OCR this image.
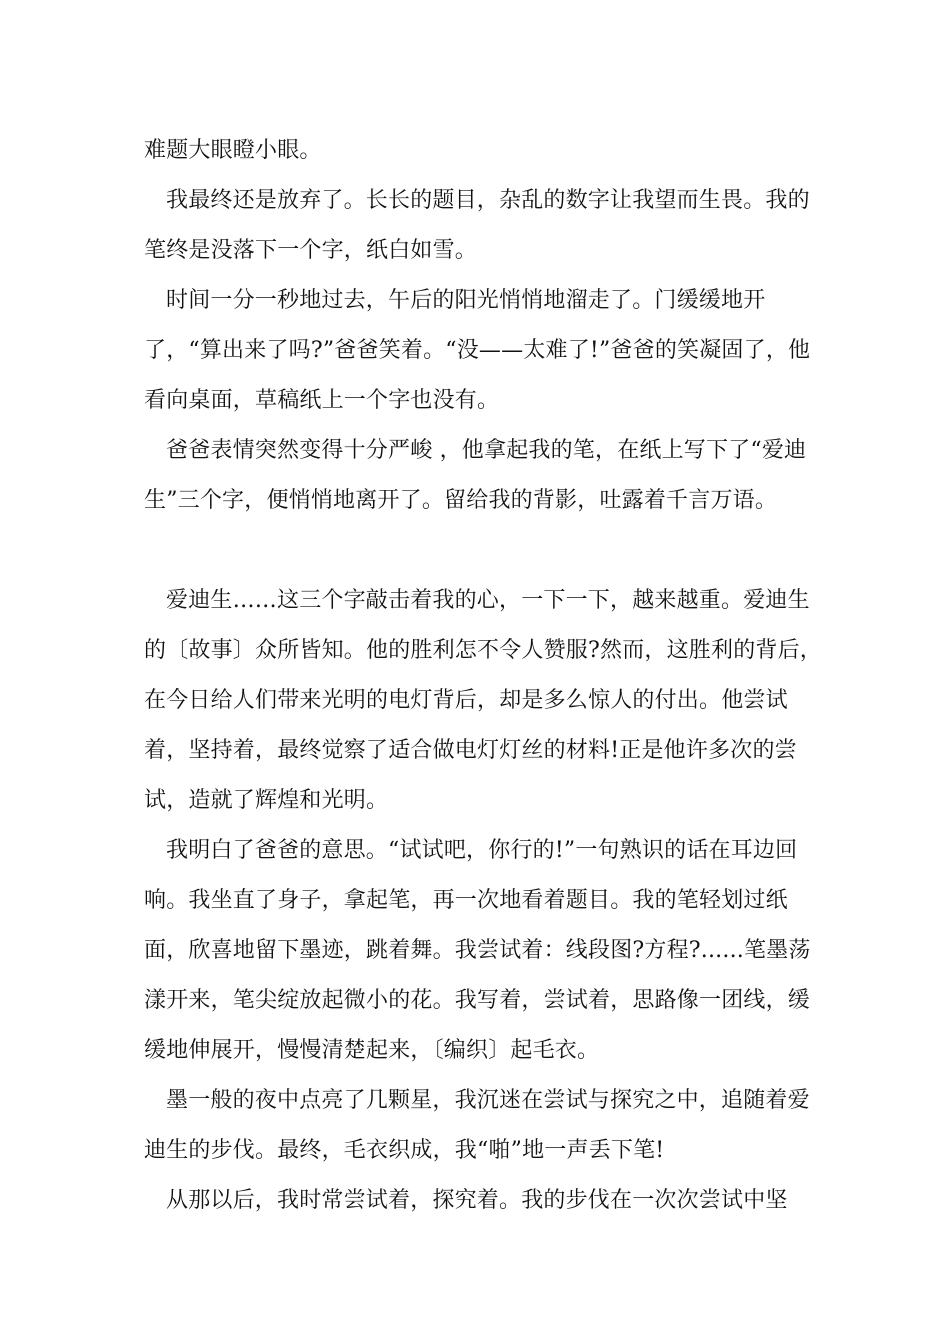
难题大眼瞪小眼。

我最终还是放弃了。长长的题目，杂乱的数字让我望而生畏。我的笔终是没落下一个字，纸白如雪。

时间一分一秒地过去，午后的阳光悄悄地溜走了。门缓缓地开了，“算出来了吗?”爸爸笑着。“没——太难了!”爸爸的笑凝固了，他看向桌面，草稿纸上一个字也没有。

爸爸表情突然变得十分严峻 ，他拿起我的笔，在纸上写下了“爱迪生”三个字，便悄悄地离开了。留给我的背影，吐露着千言万语。

爱迪生……这三个字敲击着我的心，一下一下，越来越重。爱迪生的〔故事〕众所皆知。他的胜利怎不令人赞服?然而，这胜利的背后，在今日给人们带来光明的电灯背后，却是多么惊人的付出。他尝试着，坚持着，最终觉察了适合做电灯灯丝的材料!正是他许多次的尝试，造就了辉煌和光明。

我明白了爸爸的意思。“试试吧，你行的!”一句熟识的话在耳边回响。我坐直了身子，拿起笔，再一次地看着题目。我的笔轻划过纸面，欣喜地留下墨迹，跳着舞。我尝试着：线段图?方程?......笔墨荡漾开来，笔尖绽放起微小的花。我写着，尝试着，思路像一团线，缓缓地伸展开，慢慢清楚起来，〔编织〕起毛衣。

墨一般的夜中点亮了几颗星，我沉迷在尝试与探究之中，追随着爱迪生的步伐。最终，毛衣织成，我“啪”地一声丢下笔!

从那以后，我时常尝试着，探究着。我的步伐在一次次尝试中坚
